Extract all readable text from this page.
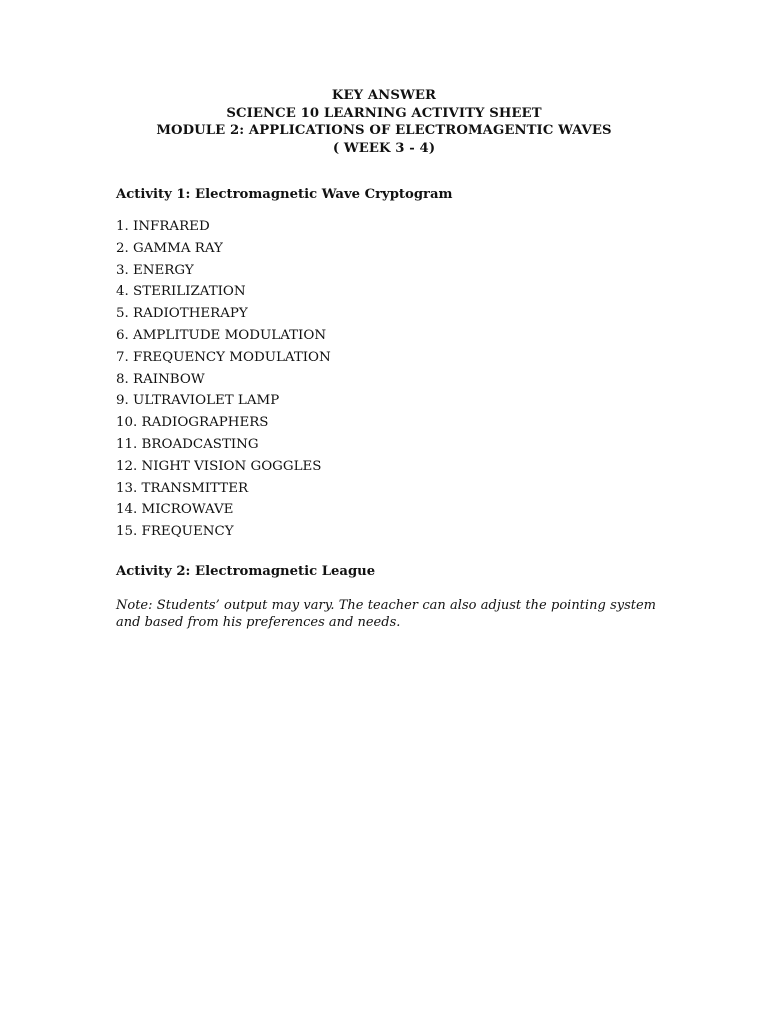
KEY ANSWER
SCIENCE 10 LEARNING ACTIVITY SHEET
MODULE 2: APPLICATIONS OF ELECTROMAGENTIC WAVES
( WEEK 3 - 4)
Activity 1: Electromagnetic Wave Cryptogram
1. INFRARED
2. GAMMA RAY
3. ENERGY
4. STERILIZATION
5. RADIOTHERAPY
6. AMPLITUDE MODULATION
7. FREQUENCY MODULATION
8. RAINBOW
9. ULTRAVIOLET LAMP
10. RADIOGRAPHERS
11. BROADCASTING
12. NIGHT VISION GOGGLES
13. TRANSMITTER
14. MICROWAVE
15. FREQUENCY
Activity 2: Electromagnetic League
Note: Students’ output may vary. The teacher can also adjust the pointing system and based from his preferences and needs.
